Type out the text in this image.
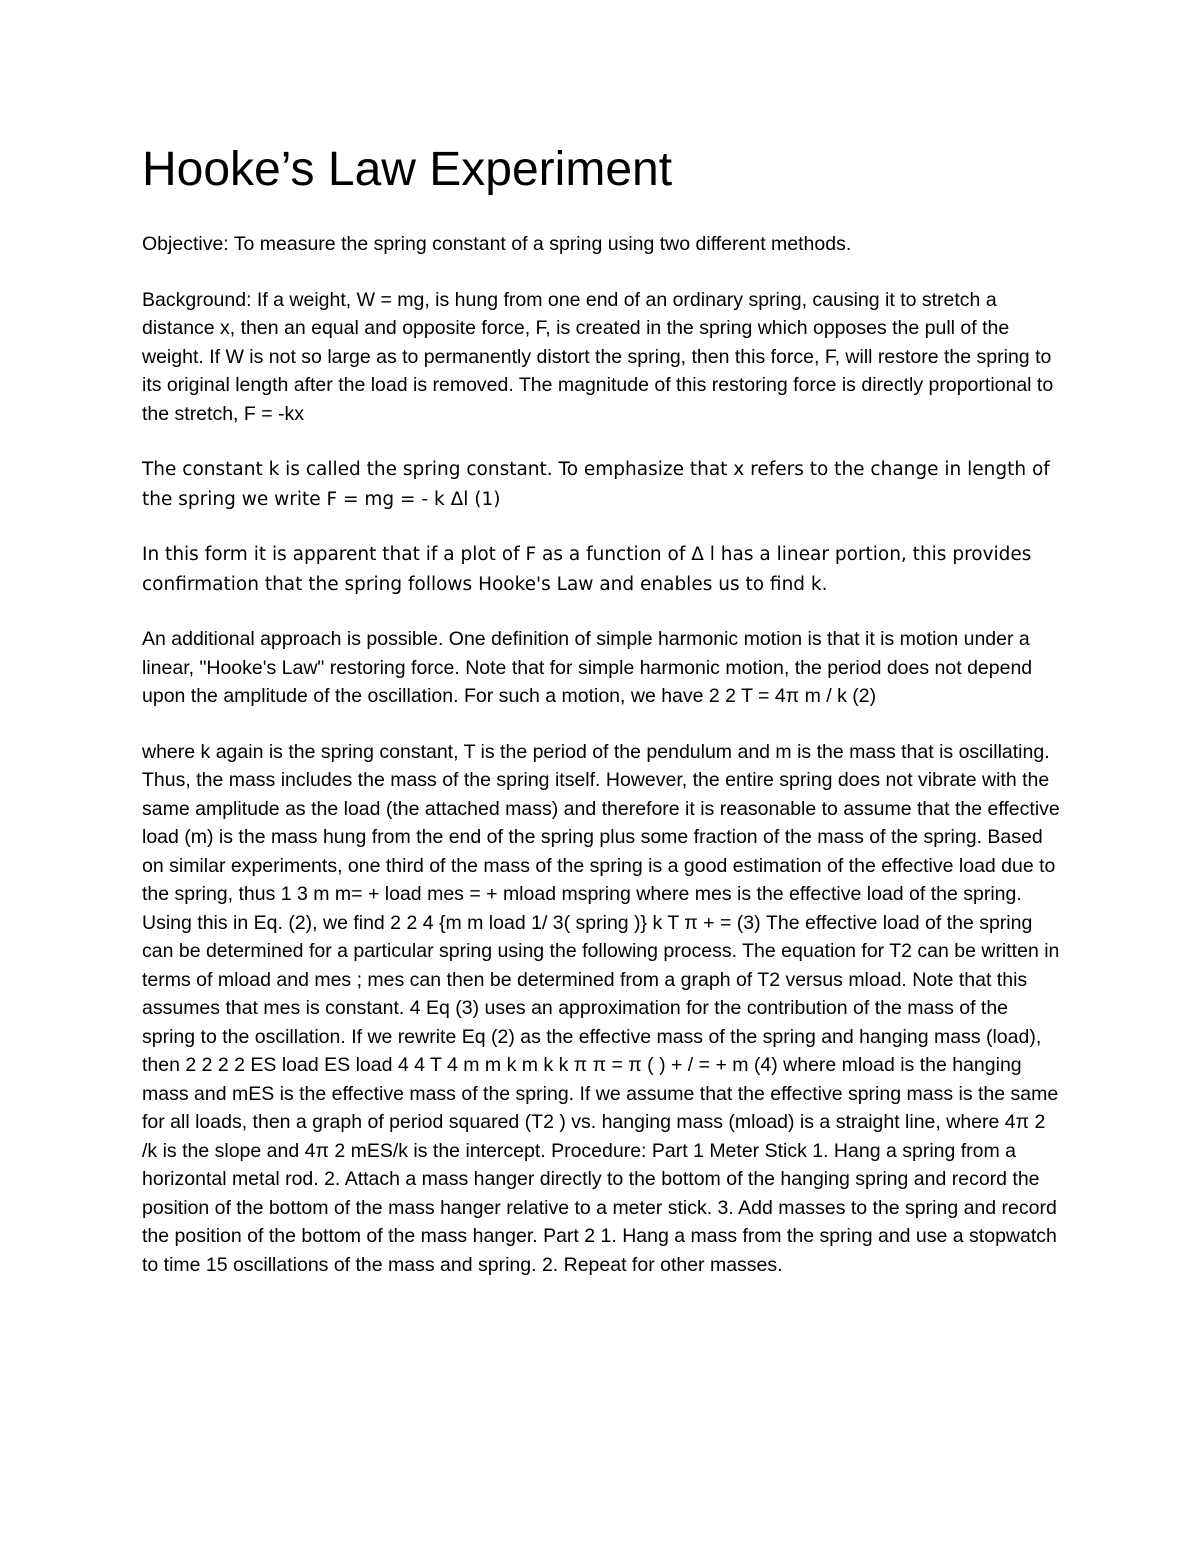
Hooke’s Law Experiment

Objective: To measure the spring constant of a spring using two different methods.

Background: If a weight, W = mg, is hung from one end of an ordinary spring, causing it to stretch a distance x, then an equal and opposite force, F, is created in the spring which opposes the pull of the weight. If W is not so large as to permanently distort the spring, then this force, F, will restore the spring to its original length after the load is removed. The magnitude of this restoring force is directly proportional to the stretch, F = -kx

The constant k is called the spring constant. To emphasize that x refers to the change in length of the spring we write F = mg = - k Δl (1)

In this form it is apparent that if a plot of F as a function of Δ l has a linear portion, this provides confirmation that the spring follows Hooke's Law and enables us to find k.

An additional approach is possible. One definition of simple harmonic motion is that it is motion under a linear, "Hooke's Law" restoring force. Note that for simple harmonic motion, the period does not depend upon the amplitude of the oscillation. For such a motion, we have 2 2 T = 4π m / k (2)

where k again is the spring constant, T is the period of the pendulum and m is the mass that is oscillating. Thus, the mass includes the mass of the spring itself. However, the entire spring does not vibrate with the same amplitude as the load (the attached mass) and therefore it is reasonable to assume that the effective load (m) is the mass hung from the end of the spring plus some fraction of the mass of the spring. Based on similar experiments, one third of the mass of the spring is a good estimation of the effective load due to the spring, thus 1 3 m m= + load mes = + mload mspring where mes is the effective load of the spring. Using this in Eq. (2), we find 2 2 4 {m m load 1/ 3( spring )} k T π + = (3) The effective load of the spring can be determined for a particular spring using the following process. The equation for T2 can be written in terms of mload and mes ; mes can then be determined from a graph of T2 versus mload. Note that this assumes that mes is constant. 4 Eq (3) uses an approximation for the contribution of the mass of the spring to the oscillation. If we rewrite Eq (2) as the effective mass of the spring and hanging mass (load), then 2 2 2 2 ES load ES load 4 4 T 4 m m k m k k π π = π ( ) + / = + m (4) where mload is the hanging mass and mES is the effective mass of the spring. If we assume that the effective spring mass is the same for all loads, then a graph of period squared (T2 ) vs. hanging mass (mload) is a straight line, where 4π 2 /k is the slope and 4π 2 mES/k is the intercept. Procedure: Part 1 Meter Stick 1. Hang a spring from a horizontal metal rod. 2. Attach a mass hanger directly to the bottom of the hanging spring and record the position of the bottom of the mass hanger relative to a meter stick. 3. Add masses to the spring and record the position of the bottom of the mass hanger. Part 2 1. Hang a mass from the spring and use a stopwatch to time 15 oscillations of the mass and spring. 2. Repeat for other masses.
